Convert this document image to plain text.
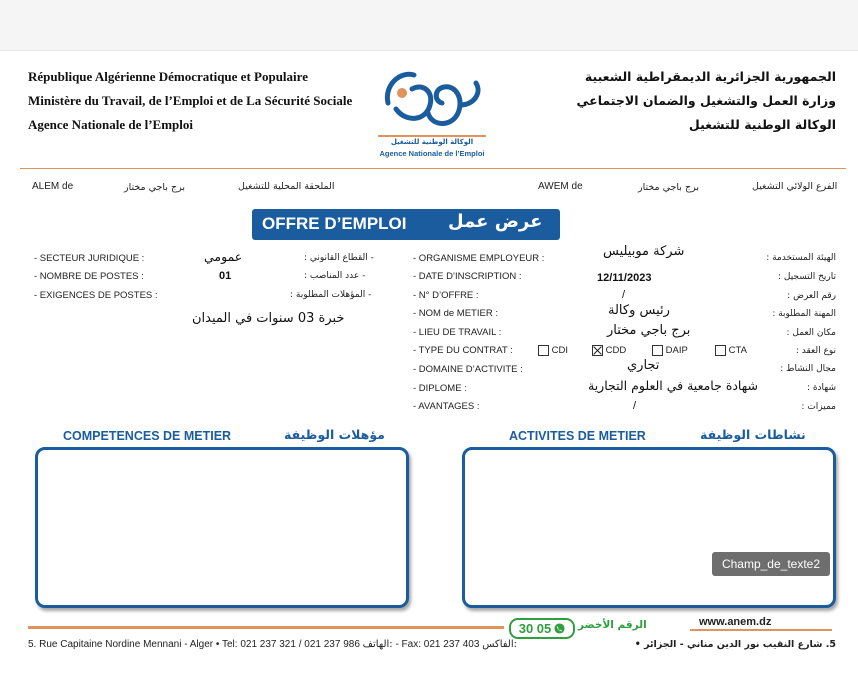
République Algérienne Démocratique et Populaire
Ministère du Travail, de l’Emploi et de La Sécurité Sociale
Agence Nationale de l’Emploi
الوكالة الوطنية للتشغيل
Agence Nationale de l’Emploi
الجمهورية الجزائرية الديمقراطية الشعبية
وزارة العمل والتشغيل والضمان الاجتماعي
الوكالة الوطنية للتشغيل
ALEM de	برج باجي مختار	الملحقة المحلية للتشغيل	AWEM de	برج باجي مختار	الفرع الولائي التشغيل
OFFRE D’EMPLOI عرض عمل
- SECTEUR JURIDIQUE :	عمومي	- القطاع القانوني :
- NOMBRE DE POSTES :	01	- عدد المناصب :
- EXIGENCES DE POSTES :	- المؤهلات المطلوبة :
خبرة 03 سنوات في الميدان
- ORGANISME EMPLOYEUR :	شركة موبيليس	الهيئة المستخدمة :
- DATE D’INSCRIPTION :	12/11/2023	تاريخ التسجيل :
- N° D’OFFRE :	/	رقم العرض :
- NOM de METIER :	رئيس وكالة	المهنة المطلوبة :
- LIEU DE TRAVAIL :	برج باجي مختار	مكان العمل :
- TYPE DU CONTRAT :	CDI	CDD	DAIP	CTA	نوع العقد :
- DOMAINE D’ACTIVITE :	تجاري	مجال النشاط :
- DIPLOME :	شهادة جامعية في العلوم التجارية	شهادة :
- AVANTAGES :	/	مميزات :
COMPETENCES DE METIER	مؤهلات الوظيفة	ACTIVITES DE METIER	نشاطات الوظيفة
Champ_de_texte2
30 05	الرقم الأخضر	www.anem.dz
5. Rue Capitaine Nordine Mennani - Alger • Tel: 021 237 321 / 021 237 986 الهاتف: - Fax: 021 237 403 الفاكس:	5. شارع النقيب نور الدين مناني - الجزائر •
